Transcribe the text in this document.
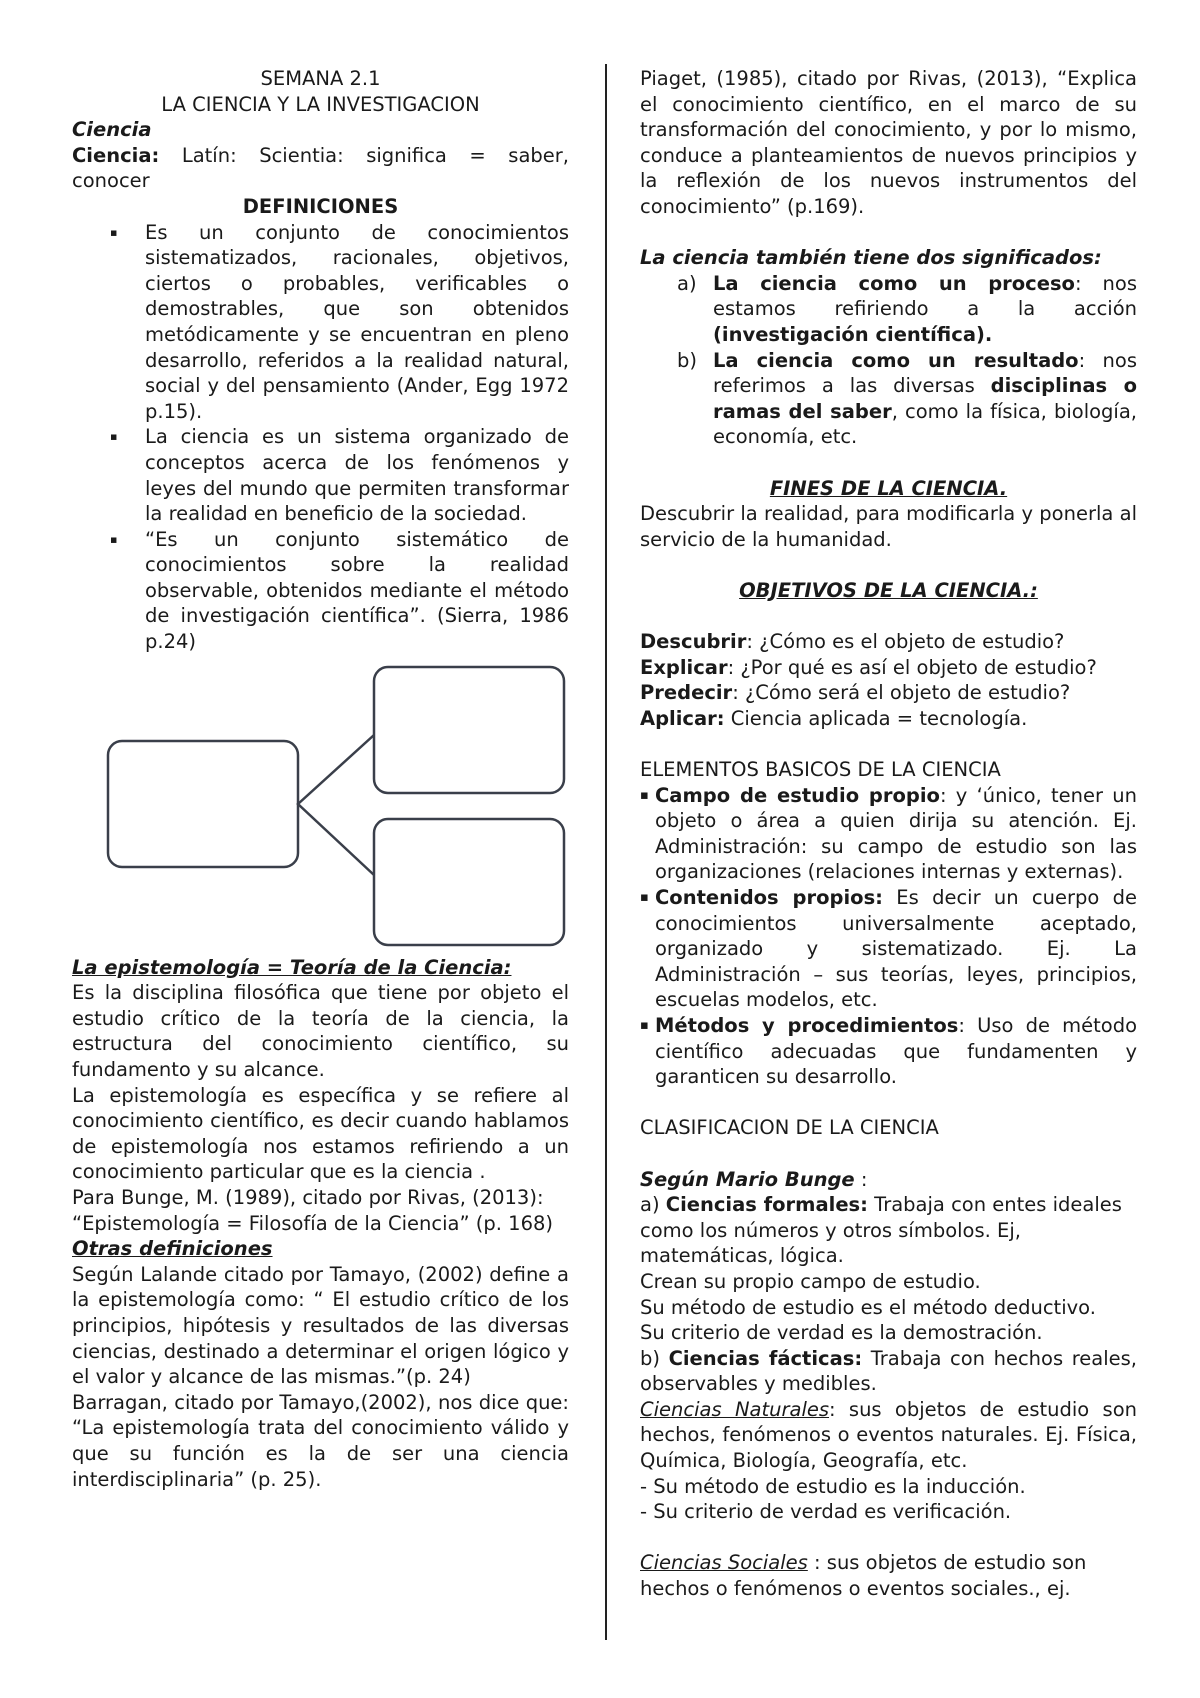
SEMANA 2.1

LA CIENCIA Y LA INVESTIGACION

Ciencia

Ciencia: Latín: Scientia: significa = saber, conocer

DEFINICIONES

▪ Es un conjunto de conocimientos sistematizados, racionales, objetivos, ciertos o probables, verificables o demostrables, que son obtenidos metódicamente y se encuentran en pleno desarrollo, referidos a la realidad natural, social y del pensamiento (Ander, Egg 1972 p.15).
▪ La ciencia es un sistema organizado de conceptos acerca de los fenómenos y leyes del mundo que permiten transformar la realidad en beneficio de la sociedad.
▪ “Es un conjunto sistemático de conocimientos sobre la realidad observable, obtenidos mediante el método de investigación científica”. (Sierra, 1986 p.24)

La epistemología = Teoría de la Ciencia:

Es la disciplina filosófica que tiene por objeto el estudio crítico de la teoría de la ciencia, la estructura del conocimiento científico, su fundamento y su alcance.

La epistemología es específica y se refiere al conocimiento científico, es decir cuando hablamos de epistemología nos estamos refiriendo a un conocimiento particular que es la ciencia .

Para Bunge, M. (1989), citado por Rivas, (2013):

“Epistemología = Filosofía de la Ciencia” (p. 168)

Otras definiciones

Según Lalande citado por Tamayo, (2002) define a la epistemología como: “ El estudio crítico de los principios, hipótesis y resultados de las diversas ciencias, destinado a determinar el origen lógico y el valor y alcance de las mismas.”(p. 24)

Barragan, citado por Tamayo,(2002), nos dice que: “La epistemología trata del conocimiento válido y que su función es la de ser una ciencia interdisciplinaria” (p. 25).

Piaget, (1985), citado por Rivas, (2013), “Explica el conocimiento científico, en el marco de su transformación del conocimiento, y por lo mismo, conduce a planteamientos de nuevos principios y la reflexión de los nuevos instrumentos del conocimiento” (p.169).

La ciencia también tiene dos significados:

a) La ciencia como un proceso: nos estamos refiriendo a la acción (investigación científica).
b) La ciencia como un resultado: nos referimos a las diversas disciplinas o ramas del saber, como la física, biología, economía, etc.

FINES DE LA CIENCIA.

Descubrir la realidad, para modificarla y ponerla al servicio de la humanidad.

OBJETIVOS DE LA CIENCIA.:

Descubrir: ¿Cómo es el objeto de estudio?

Explicar: ¿Por qué es así el objeto de estudio?

Predecir: ¿Cómo será el objeto de estudio?

Aplicar: Ciencia aplicada = tecnología.

ELEMENTOS BASICOS DE LA CIENCIA

▪ Campo de estudio propio: y ‘único, tener un objeto o área a quien dirija su atención. Ej. Administración: su campo de estudio son las organizaciones (relaciones internas y externas).
▪ Contenidos propios: Es decir un cuerpo de conocimientos universalmente aceptado, organizado y sistematizado. Ej. La Administración – sus teorías, leyes, principios, escuelas modelos, etc.
▪ Métodos y procedimientos: Uso de método científico adecuadas que fundamenten y garanticen su desarrollo.

CLASIFICACION DE LA CIENCIA

Según Mario Bunge :

a) Ciencias formales: Trabaja con entes ideales como los números y otros símbolos. Ej, matemáticas, lógica.

Crean su propio campo de estudio.

Su método de estudio es el método deductivo.

Su criterio de verdad es la demostración.

b) Ciencias fácticas: Trabaja con hechos reales, observables y medibles.

Ciencias Naturales: sus objetos de estudio son hechos, fenómenos o eventos naturales. Ej. Física, Química, Biología, Geografía, etc.

- Su método de estudio es la inducción.

- Su criterio de verdad es verificación.

Ciencias Sociales : sus objetos de estudio son hechos o fenómenos o eventos sociales., ej.
